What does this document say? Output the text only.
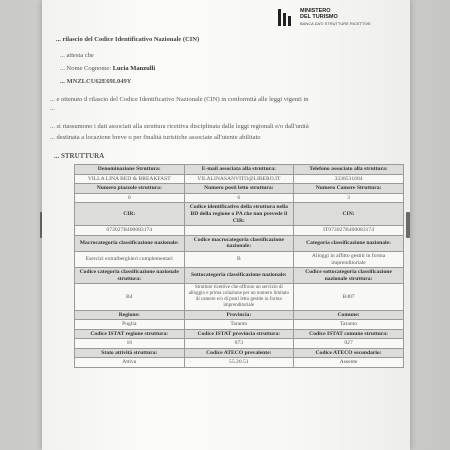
MINISTERO DEL TURISMO
BANCA DATI STRUTTURE RICETTIVE
... rilascio del Codice Identificativo Nazionale (CIN)
... attesta che
... Nome Cognome: Lucia Manzulli
... MNZLCU62E69L049Y
... e ottenuto il rilascio del Codice Identificativo Nazionale (CIN) in conformità alle leggi vigenti in
...
... si riassumono i dati associati alla struttura ricettiva disciplinata dalle leggi regionali e/o dall'unità
... destinata a locazione breve o per finalità turistiche associate all'utente abilitato
... STRUTTURA
Denominazione Struttura:	E-mail associata alla struttura:	Telefono associato alla struttura:
VILLA LINA BED & BREAKFAST	VILALINASANVITO@LIBERO.IT	3338531684
Numero piazzole struttura:	Numero posti letto struttura:	Numero Camere Struttura:
0	6	3
CIR:	Codice identificativo della struttura nella BD della regione o PA che non prevede il CIR:	CIN:
073027B400083174		IT073027B400083174
Macrocategoria classificazione nazionale:	Codice macrocategoria classificazione nazionale:	Categoria classificazione nazionale:
Esercizi extralberghieri complementari	B	Alloggi in affitto gestiti in forma imprenditoriale
Codice categoria classificazione nazionale struttura:	Sottocategoria classificazione nazionale:	Codice sottocategoria classificazione nazionale struttura:
B4	Strutture ricettive che offrono un servizio di alloggio e prima colazione per un numero limitato di camere e/o di posti letto gestite in forma imprenditoriale	B407
Regione:	Provincia:	Comune:
Puglia	Taranto	Taranto
Codice ISTAT regione struttura:	Codice ISTAT provincia struttura:	Codice ISTAT comune struttura:
16	073	027
Stato attività struttura:	Codice ATECO prevalente:	Codice ATECO secondario:
Attiva	55.20.51	Assente
